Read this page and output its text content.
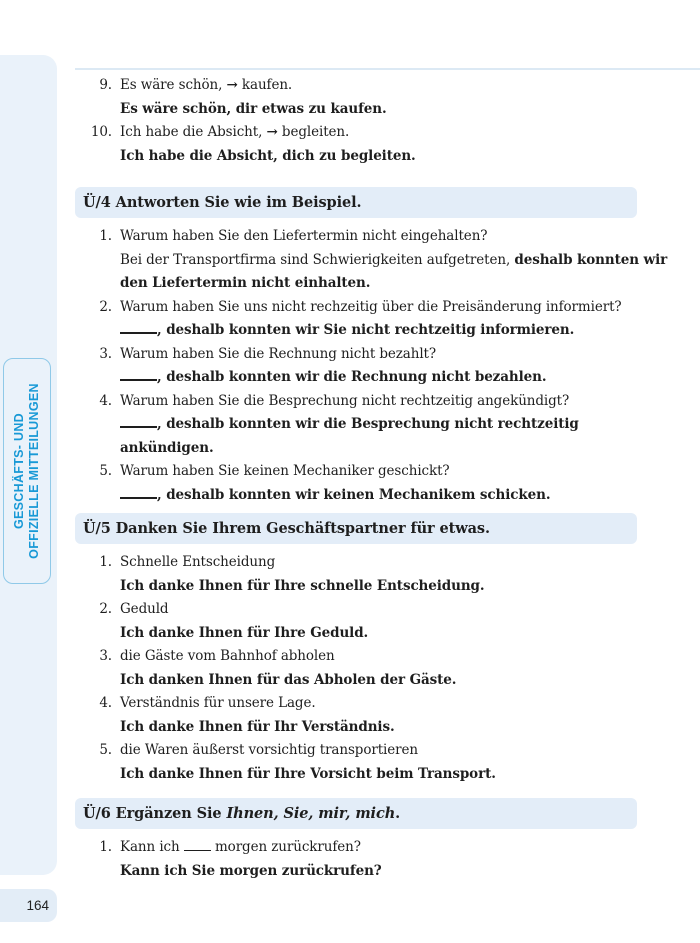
GESCHÄFTS- UND
OFFIZIELLE MITTEILUNGEN
164
9. Es wäre schön, → kaufen.
Es wäre schön, dir etwas zu kaufen.
10. Ich habe die Absicht, → begleiten.
Ich habe die Absicht, dich zu begleiten.
Ü/4 Antworten Sie wie im Beispiel.
1. Warum haben Sie den Liefertermin nicht eingehalten?
Bei der Transportfirma sind Schwierigkeiten aufgetreten, deshalb konnten wir
den Liefertermin nicht einhalten.
2. Warum haben Sie uns nicht rechzeitig über die Preisänderung informiert?
, deshalb konnten wir Sie nicht rechtzeitig informieren.
3. Warum haben Sie die Rechnung nicht bezahlt?
, deshalb konnten wir die Rechnung nicht bezahlen.
4. Warum haben Sie die Besprechung nicht rechtzeitig angekündigt?
, deshalb konnten wir die Besprechung nicht rechtzeitig ankündigen.
5. Warum haben Sie keinen Mechaniker geschickt?
, deshalb konnten wir keinen Mechanikem schicken.
Ü/5 Danken Sie Ihrem Geschäftspartner für etwas.
1. Schnelle Entscheidung
Ich danke Ihnen für Ihre schnelle Entscheidung.
2. Geduld
Ich danke Ihnen für Ihre Geduld.
3. die Gäste vom Bahnhof abholen
Ich danken Ihnen für das Abholen der Gäste.
4. Verständnis für unsere Lage.
Ich danke Ihnen für Ihr Verständnis.
5. die Waren äußerst vorsichtig transportieren
Ich danke Ihnen für Ihre Vorsicht beim Transport.
Ü/6 Ergänzen Sie Ihnen, Sie, mir, mich.
1. Kann ich  morgen zurückrufen?
Kann ich Sie morgen zurückrufen?
